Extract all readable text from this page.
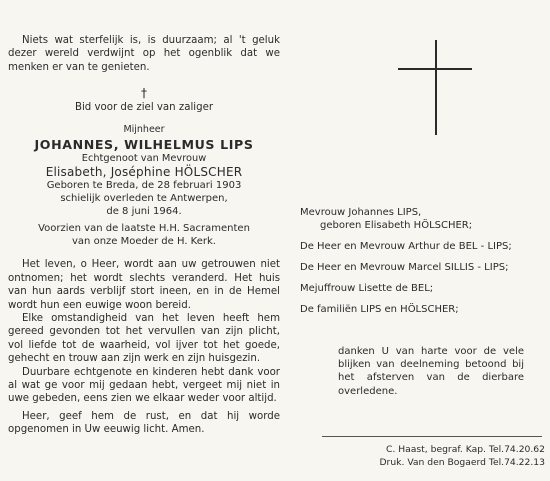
Niets wat sterfelijk is, is duurzaam; al 't geluk dezer wereld verdwijnt op het ogenblik dat we menken er van te genieten.

†

Bid voor de ziel van zaliger

Mijnheer

JOHANNES, WILHELMUS LIPS

Echtgenoot van Mevrouw

Elisabeth, Joséphine HÖLSCHER

Geboren te Breda, de 28 februari 1903

schielijk overleden te Antwerpen,

de 8 juni 1964.

Voorzien van de laatste H.H. Sacramenten

van onze Moeder de H. Kerk.

Het leven, o Heer, wordt aan uw getrouwen niet ontnomen; het wordt slechts veranderd. Het huis van hun aards verblijf stort ineen, en in de Hemel wordt hun een euwige woon bereid.

Elke omstandigheid van het leven heeft hem gereed gevonden tot het vervullen van zijn plicht, vol liefde tot de waarheid, vol ijver tot het goede, gehecht en trouw aan zijn werk en zijn huisgezin.

Duurbare echtgenote en kinderen hebt dank voor al wat ge voor mij gedaan hebt, vergeet mij niet in uwe gebeden, eens zien we elkaar weder voor altijd.

Heer, geef hem de rust, en dat hij worde opgenomen in Uw eeuwig licht. Amen.

Mevrouw Johannes LIPS,

geboren Elisabeth HÖLSCHER;

De Heer en Mevrouw Arthur de BEL - LIPS;

De Heer en Mevrouw Marcel SILLIS - LIPS;

Mejuffrouw Lisette de BEL;

De familiën LIPS en HÖLSCHER;

danken U van harte voor de vele blijken van deelneming betoond bij het afsterven van de dierbare overledene.

C. Haast, begraf. Kap. Tel.74.20.62
Druk. Van den Bogaerd Tel.74.22.13
